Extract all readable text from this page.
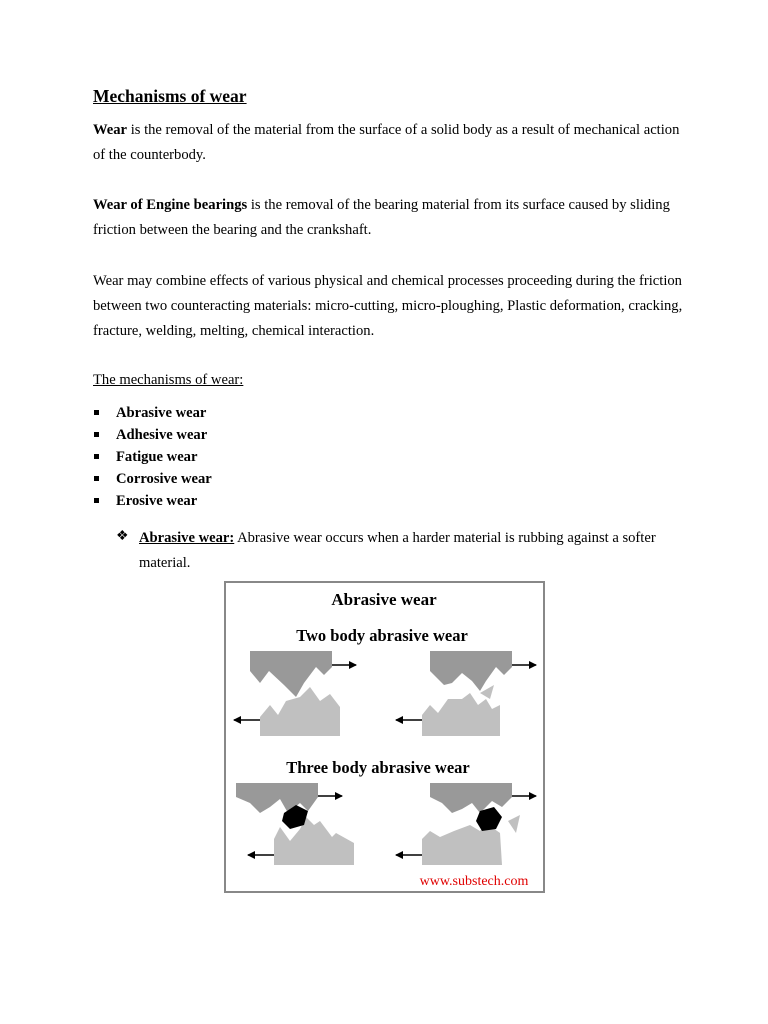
Mechanisms of wear

Wear is the removal of the material from the surface of a solid body as a result of mechanical action of the counterbody.

Wear of Engine bearings is the removal of the bearing material from its surface caused by sliding friction between the bearing and the crankshaft.

Wear may combine effects of various physical and chemical processes proceeding during the friction between two counteracting materials: micro-cutting, micro-ploughing, Plastic deformation, cracking, fracture, welding, melting, chemical interaction.

The mechanisms of wear:

Abrasive wear
Adhesive wear
Fatigue wear
Corrosive wear
Erosive wear
❖ Abrasive wear: Abrasive wear occurs when a harder material is rubbing against a softer material.

Abrasive wear
Two body abrasive wear
Three body abrasive wear
www.substech.com
